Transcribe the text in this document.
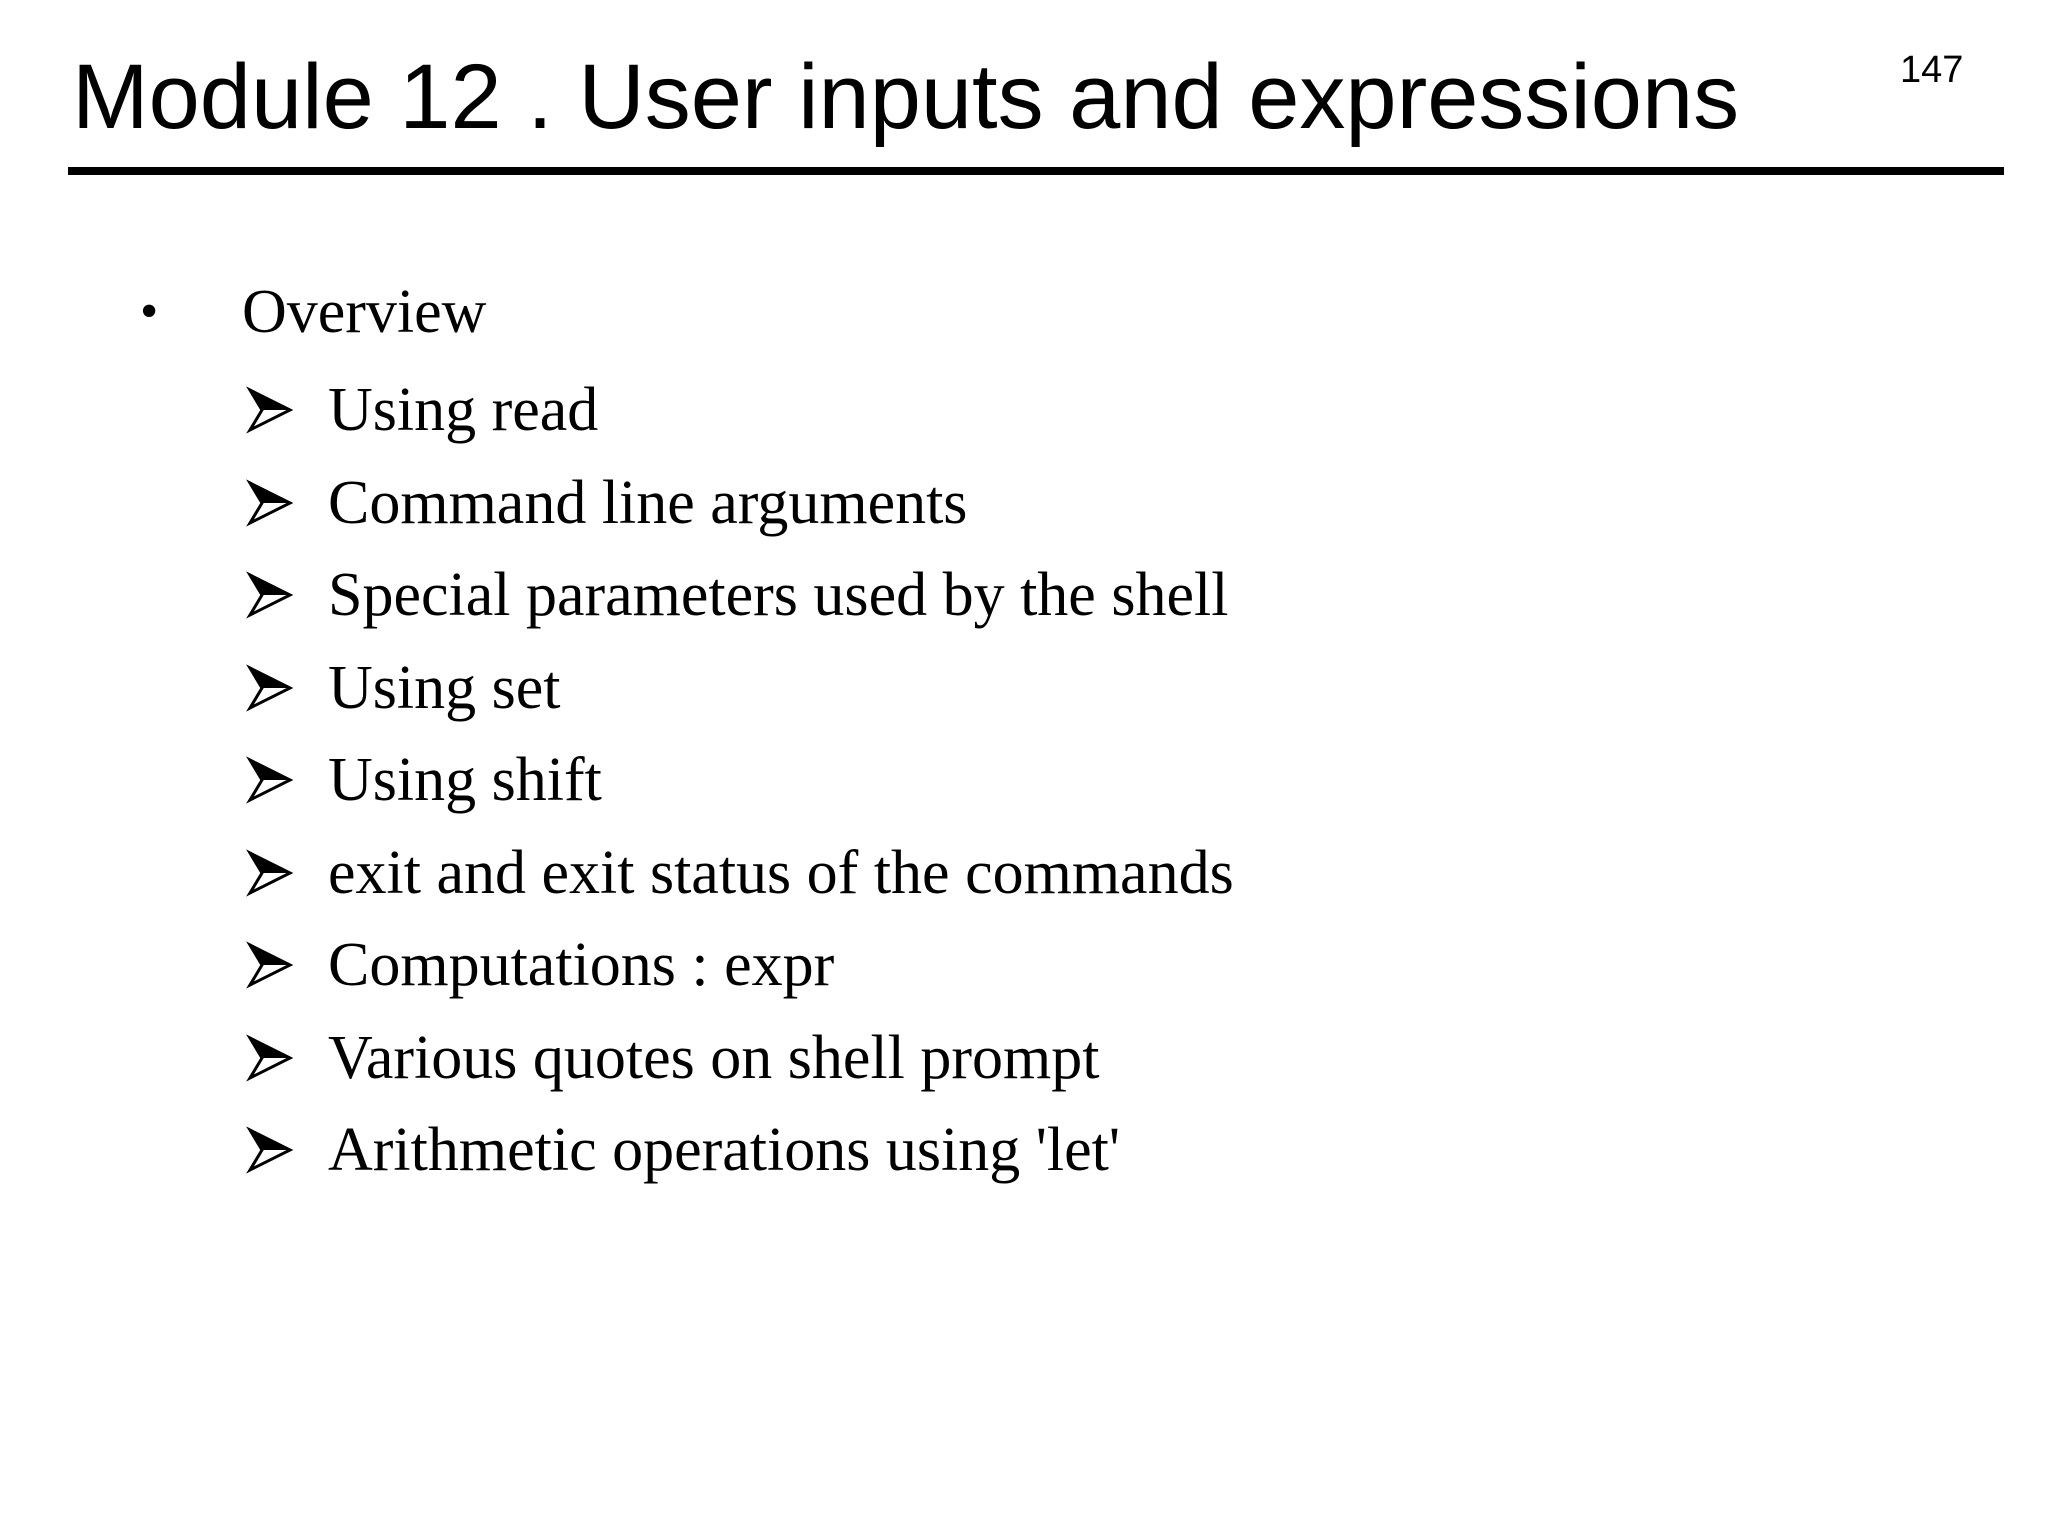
Module 12 . User inputs and expressions	147
•	Overview
Using read
Command line arguments
Special parameters used by the shell
Using set
Using shift
exit and exit status of the commands
Computations : expr
Various quotes on shell prompt
Arithmetic operations using 'let'
